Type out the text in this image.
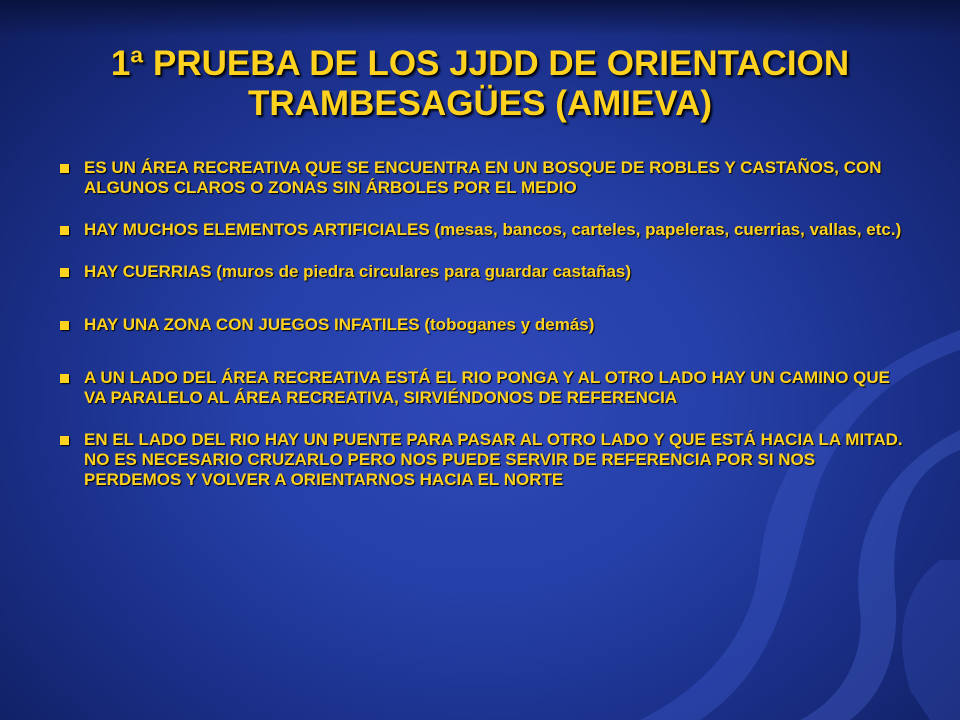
1ª PRUEBA DE LOS JJDD DE ORIENTACION
TRAMBESAGÜES (AMIEVA)
ES UN ÁREA RECREATIVA QUE SE ENCUENTRA EN UN BOSQUE DE ROBLES Y CASTAÑOS, CON ALGUNOS CLAROS O ZONAS SIN ÁRBOLES POR EL MEDIO
HAY MUCHOS ELEMENTOS ARTIFICIALES (mesas, bancos, carteles, papeleras, cuerrias, vallas, etc.)
HAY CUERRIAS (muros de piedra circulares para guardar castañas)
HAY UNA ZONA CON JUEGOS INFATILES (toboganes y demás)
A UN LADO DEL ÁREA RECREATIVA ESTÁ EL RIO PONGA Y AL OTRO LADO HAY UN CAMINO QUE VA PARALELO AL ÁREA RECREATIVA, SIRVIÉNDONOS DE REFERENCIA
EN EL LADO DEL RIO HAY UN PUENTE PARA PASAR AL OTRO LADO Y QUE ESTÁ HACIA LA MITAD. NO ES NECESARIO CRUZARLO PERO NOS PUEDE SERVIR DE REFERENCIA POR SI NOS PERDEMOS Y VOLVER A ORIENTARNOS HACIA EL NORTE
